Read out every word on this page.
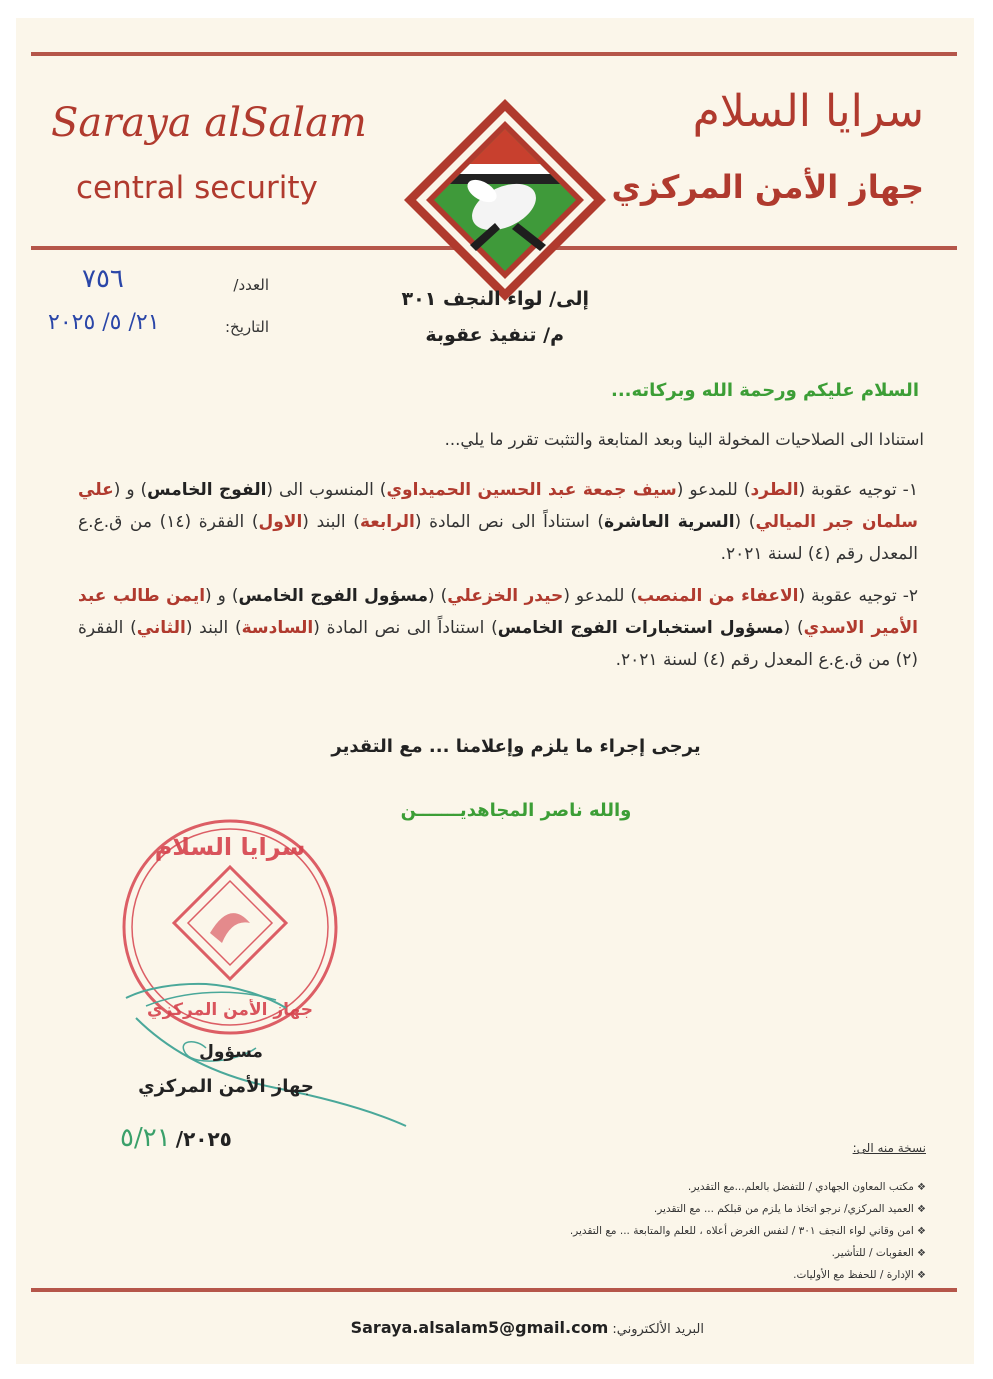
Saraya alSalam
central security
سرايا السلام
جهاز الأمن المركزي
العدد/
٧٥٦
التاريخ:
٢١/ ٥/ ٢٠٢٥
إلى/ لواء النجف ٣٠١
م/ تنفيذ عقوبة
السلام عليكم ورحمة الله وبركاته...
استنادا الى الصلاحيات المخولة الينا وبعد المتابعة والتثبت تقرر ما يلي...
١- توجيه عقوبة (الطرد) للمدعو (سيف جمعة عبد الحسين الحميداوي) المنسوب الى (الفوج الخامس) و (علي سلمان جبر الميالي) (السرية العاشرة) استناداً الى نص المادة (الرابعة) البند (الاول) الفقرة (١٤) من ق.ع.ع المعدل رقم (٤) لسنة ٢٠٢١.
٢- توجيه عقوبة (الاعفاء من المنصب) للمدعو (حيدر الخزعلي) (مسؤول الفوج الخامس) و (ايمن طالب عبد الأمير الاسدي) (مسؤول استخبارات الفوج الخامس) استناداً الى نص المادة (السادسة) البند (الثاني) الفقرة (٢) من ق.ع.ع المعدل رقم (٤) لسنة ٢٠٢١.
يرجى إجراء ما يلزم وإعلامنا ... مع التقدير
والله ناصر المجاهديـــــــن
سرايا السلام
جهاز الأمن المركزي
مسؤول
جهاز الأمن المركزي
٢٠٢٥/ ٥/٢١	نسخة منه الى:
❖ مكتب المعاون الجهادي / للتفضل بالعلم...مع التقدير.
❖ العميد المركزي/ نرجو اتخاذ ما يلزم من قبلكم ... مع التقدير.
❖ امن وقاني لواء النجف ٣٠١ / لنفس الغرض أعلاه ، للعلم والمتابعة ... مع التقدير.
❖ العقوبات / للتأشير.
❖ الإدارة / للحفظ مع الأوليات.
البريد الألكتروني: Saraya.alsalam5@gmail.com
